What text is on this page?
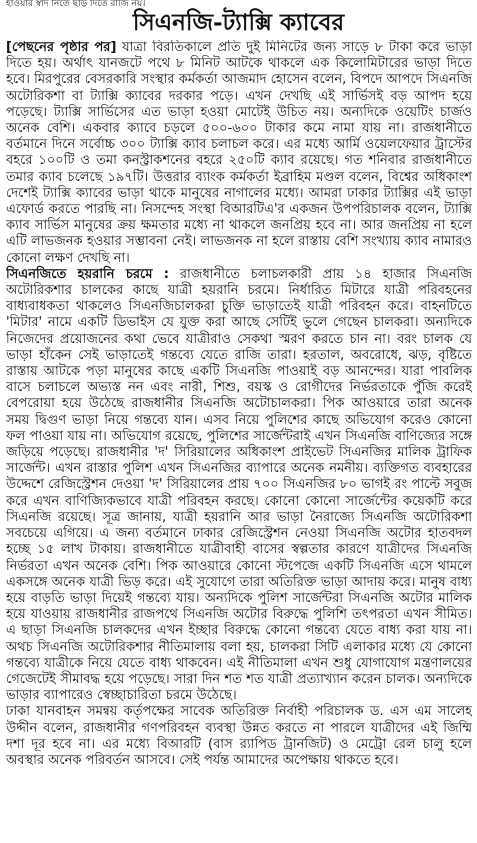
হাওয়ার স্বাদ নিতে ছাড় দিতে রাজি নয়।
সিএনজি-ট্যাক্সি ক্যাবের

[পেছনের পৃষ্ঠার পর] যাত্রা বিরতিকালে প্রতি দুই মিনিটের জন্য সাড়ে ৮ টাকা করে ভাড়া দিতে হয়। অর্থাৎ যানজটে পথে ৮ মিনিট আটকে থাকলে এক কিলোমিটারের ভাড়া দিতে হবে। মিরপুরের বেসরকারি সংস্থার কর্মকর্তা আজমাদ হোসেন বলেন, বিপদে আপদে সিএনজি অটোরিকশা বা ট্যাক্সি ক্যাবের দরকার পড়ে। এখন দেখছি এই সার্ভিসই বড় আপদ হয়ে পড়েছে। ট্যাক্সি সার্ভিসের এত ভাড়া হওয়া মোটেই উচিত নয়। অন্যদিকে ওয়েটিং চার্জও অনেক বেশি। একবার ক্যাবে চড়লে ৫০০-৬০০ টাকার কমে নামা যায় না। রাজধানীতে বর্তমানে দিনে সর্বোচ্চ ৩০০ ট্যাক্সি ক্যাব চলাচল করে। এর মধ্যে আর্মি ওয়েলফেয়ার ট্রাস্টের বহরে ১০০টি ও তমা কনস্ট্রাকশনের বহরে ২৫০টি ক্যাব রয়েছে। গত শনিবার রাজধানীতে তমার ক্যাব চলেছে ১৯৭টি। উত্তরার ব্যাংক কর্মকর্তা ইব্রাহিম মণ্ডল বলেন, বিশ্বের অধিকাংশ দেশেই ট্যাক্সি ক্যাবের ভাড়া থাকে মানুষের নাগালের মধ্যে। আমরা ঢাকার ট্যাক্সির এই ভাড়া এফোর্ড করতে পারছি না। নিসন্দেহ সংস্থা বিআরটিএ'র একজন উপপরিচালক বলেন, ট্যাক্সি ক্যাব সার্ভিস মানুষের ক্রয় ক্ষমতার মধ্যে না থাকলে জনপ্রিয় হবে না। আর জনপ্রিয় না হলে এটি লাভজনক হওয়ার সম্ভাবনা নেই। লাভজনক না হলে রাস্তায় বেশি সংখ্যায় ক্যাব নামারও কোনো লক্ষণ দেখছি না।

সিএনজিতে হয়রানি চরমে : রাজধানীতে চলাচলকারী প্রায় ১৪ হাজার সিএনজি অটোরিকশার চালকের কাছে যাত্রী হয়রানি চরমে। নির্ধারিত মিটারে যাত্রী পরিবহনের বাধ্যবাধকতা থাকলেও সিএনজিচালকরা চুক্তি ভাড়াতেই যাত্রী পরিবহন করে। বাহনটিতে 'মিটার' নামে একটি ডিভাইস যে যুক্ত করা আছে সেটিই ভুলে গেছেন চালকরা। অন্যদিকে নিজেদের প্রয়োজনের কথা ভেবে যাত্রীরাও সেকথা স্মরণ করতে চান না। বরং চালক যে ভাড়া হাঁকেন সেই ভাড়াতেই গন্তব্যে যেতে রাজি তারা। হরতাল, অবরোধে, ঝড়, বৃষ্টিতে রাস্তায় আটকে পড়া মানুষের কাছে একটি সিএনজি পাওয়াই বড় আনন্দের। যারা পাবলিক বাসে চলাচলে অভ্যস্ত নন এবং নারী, শিশু, বয়স্ক ও রোগীদের নির্ভরতাকে পুঁজি করেই বেপরোয়া হয়ে উঠেছে রাজধানীর সিএনজি অটোচালকরা। পিক আওয়ারে তারা অনেক সময় দ্বিগুণ ভাড়া নিয়ে গন্তব্যে যান। এসব নিয়ে পুলিশের কাছে অভিযোগ করেও কোনো ফল পাওয়া যায় না। অভিযোগ রয়েছে, পুলিশের সার্জেন্টরাই এখন সিএনজি বাণিজ্যের সঙ্গে জড়িয়ে পড়েছে। রাজধানীর 'দ' সিরিয়ালের অধিকাংশ প্রাইভেট সিএনজির মালিক ট্রাফিক সার্জেন্ট। এখন রাস্তার পুলিশ এখন সিএনজির ব্যাপারে অনেক নমনীয়। ব্যক্তিগত ব্যবহারের উদ্দেশে রেজিস্ট্রেশন দেওয়া 'দ' সিরিয়ালের প্রায় ৭০০ সিএনজির ৮০ ভাগই রং পাল্টে সবুজ করে এখন বাণিজ্যিকভাবে যাত্রী পরিবহন করছে। কোনো কোনো সার্জেন্টের কয়েকটি করে সিএনজি রয়েছে। সূত্র জানায়, যাত্রী হয়রানি আর ভাড়া নৈরাজ্যে সিএনজি অটোরিকশা সবচেয়ে এগিয়ে। এ জন্য বর্তমানে ঢাকার রেজিস্ট্রেশন নেওয়া সিএনজি অটোর হাতবদল হচ্ছে ১৫ লাখ টাকায়। রাজধানীতে যাত্রীবাহী বাসের স্বল্পতার কারণে যাত্রীদের সিএনজি নির্ভরতা এখন অনেক বেশি। পিক আওয়ারে কোনো স্টপেজে একটি সিএনজি এসে থামলে একসঙ্গে অনেক যাত্রী ভিড় করে। এই সুযোগে তারা অতিরিক্ত ভাড়া আদায় করে। মানুষ বাধ্য হয়ে বাড়তি ভাড়া দিয়েই গন্তব্যে যায়। অন্যদিকে পুলিশ সার্জেন্টরা সিএনজি অটোর মালিক হয়ে যাওয়ায় রাজধানীর রাজপথে সিএনজি অটোর বিরুদ্ধে পুলিশি তৎপরতা এখন সীমিত। এ ছাড়া সিএনজি চালকদের এখন ইচ্ছার বিরুদ্ধে কোনো গন্তব্যে যেতে বাধ্য করা যায় না। অথচ সিএনজি অটোরিকশার নীতিমালায় বলা হয়, চালকরা সিটি এলাকার মধ্যে যে কোনো গন্তব্যে যাত্রীকে নিয়ে যেতে বাধ্য থাকবেন। এই নীতিমালা এখন শুধু যোগাযোগ মন্ত্রণালয়ের গেজেটেই সীমাবদ্ধ হয়ে পড়েছে। সারা দিন শত শত যাত্রী প্রত্যাখ্যান করেন চালক। অন্যদিকে ভাড়ার ব্যাপারেও স্বেচ্ছাচারিতা চরমে উঠেছে।

ঢাকা যানবাহন সমন্বয় কর্তৃপক্ষের সাবেক অতিরিক্ত নির্বাহী পরিচালক ড. এস এম সালেহ উদ্দীন বলেন, রাজধানীর গণপরিবহন ব্যবস্থা উন্নত করতে না পারলে যাত্রীদের এই জিম্মি দশা দূর হবে না। এর মধ্যে বিআরটি (বাস র‌্যাপিড ট্রানজিট) ও মেট্রো রেল চালু হলে অবস্থার অনেক পরিবর্তন আসবে। সেই পর্যন্ত আমাদের অপেক্ষায় থাকতে হবে।
